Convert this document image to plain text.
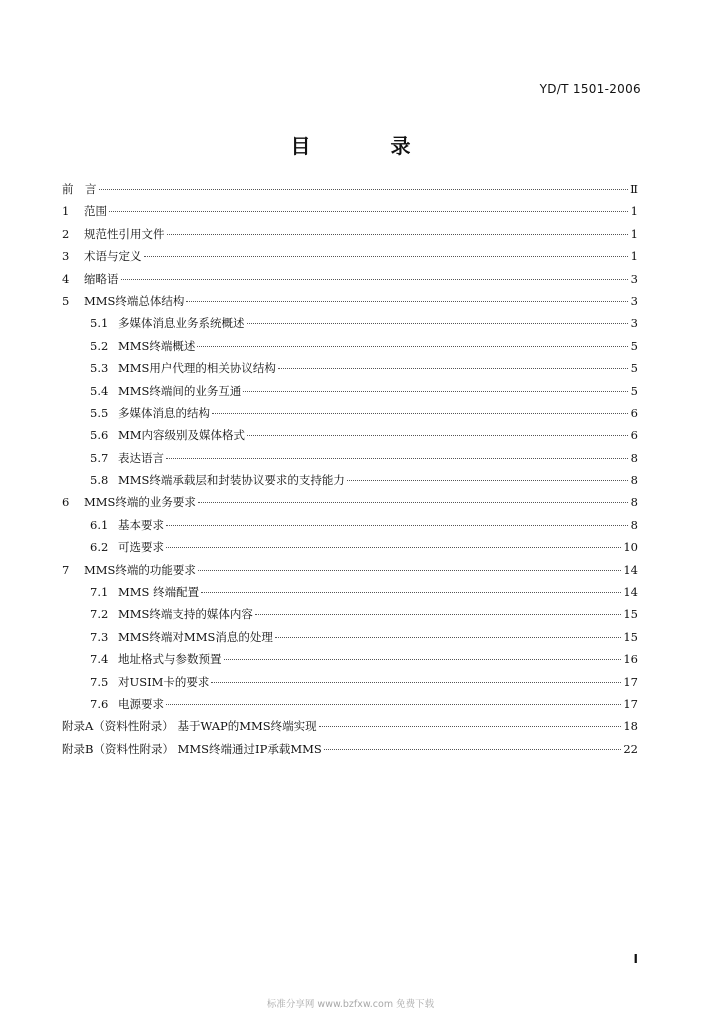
YD/T 1501-2006
目　录
前　言	Ⅱ
1	范围	1
2	规范性引用文件	1
3	术语与定义	1
4	缩略语	3
5	MMS终端总体结构	3
5.1 多媒体消息业务系统概述	3
5.2 MMS终端概述	5
5.3 MMS用户代理的相关协议结构	5
5.4 MMS终端间的业务互通	5
5.5 多媒体消息的结构	6
5.6 MM内容级别及媒体格式	6
5.7 表达语言	8
5.8 MMS终端承载层和封装协议要求的支持能力	8
6	MMS终端的业务要求	8
6.1 基本要求	8
6.2 可选要求	10
7	MMS终端的功能要求	14
7.1 MMS 终端配置	14
7.2 MMS终端支持的媒体内容	15
7.3 MMS终端对MMS消息的处理	15
7.4 地址格式与参数预置	16
7.5 对USIM卡的要求	17
7.6 电源要求	17
附录A（资料性附录） 基于WAP的MMS终端实现	18
附录B（资料性附录） MMS终端通过IP承载MMS	22
I
标准分享网 www.bzfxw.com 免费下载
